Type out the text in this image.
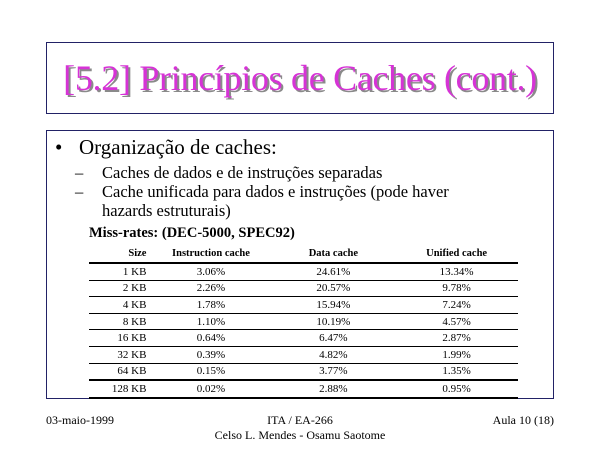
[5.2] Princípios de Caches (cont.)
• Organização de caches:
– Caches de dados e de instruções separadas
– Cache unificada para dados e instruções (pode haver
hazards estruturais)
Miss-rates: (DEC-5000, SPEC92)
Size	Instruction cache	Data cache	Unified cache
1 KB	3.06%	24.61%	13.34%
2 KB	2.26%	20.57%	9.78%
4 KB	1.78%	15.94%	7.24%
8 KB	1.10%	10.19%	4.57%
16 KB	0.64%	6.47%	2.87%
32 KB	0.39%	4.82%	1.99%
64 KB	0.15%	3.77%	1.35%
128 KB	0.02%	2.88%	0.95%
03-maio-1999	ITA / EA-266
Celso L. Mendes - Osamu Saotome
Aula 10 (18)
